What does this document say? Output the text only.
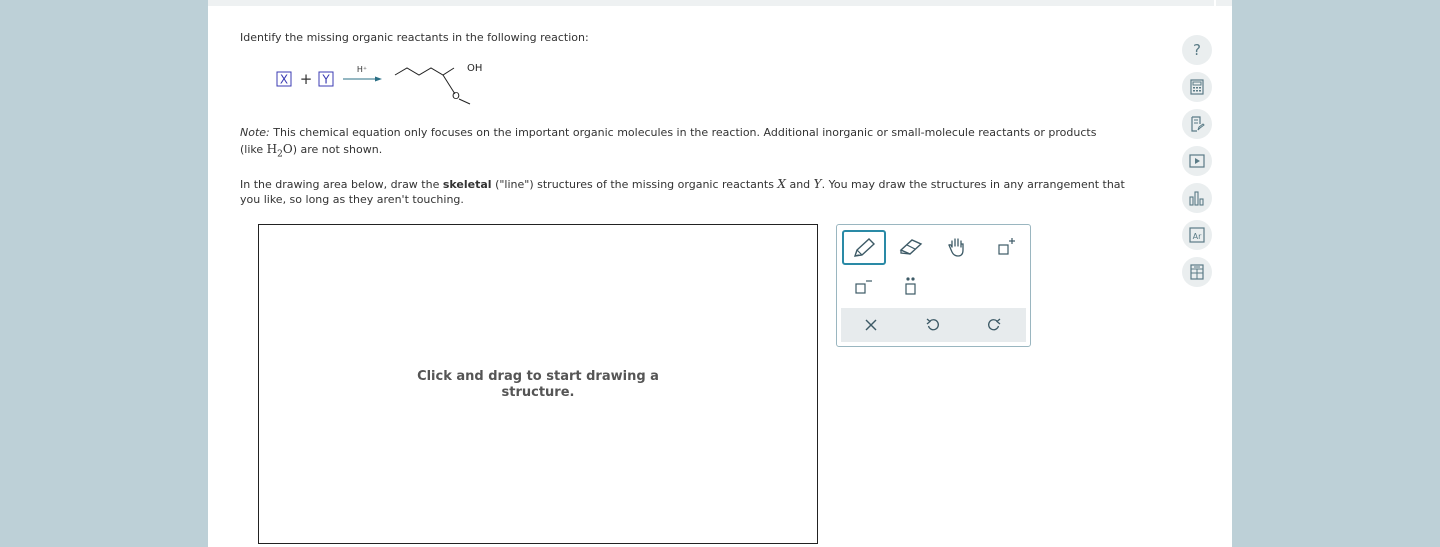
Identify the missing organic reactants in the following reaction:
X + Y
H⁺	OH
O
Note: This chemical equation only focuses on the important organic molecules in the reaction. Additional inorganic or small-molecule reactants or products
(like $H_2O$) are not shown.
In the drawing area below, draw the skeletal ("line") structures of the missing organic reactants X and Y. You may draw the structures in any arrangement that
you like, so long as they aren't touching.
Click and drag to start drawing a
structure.
?
Ar
